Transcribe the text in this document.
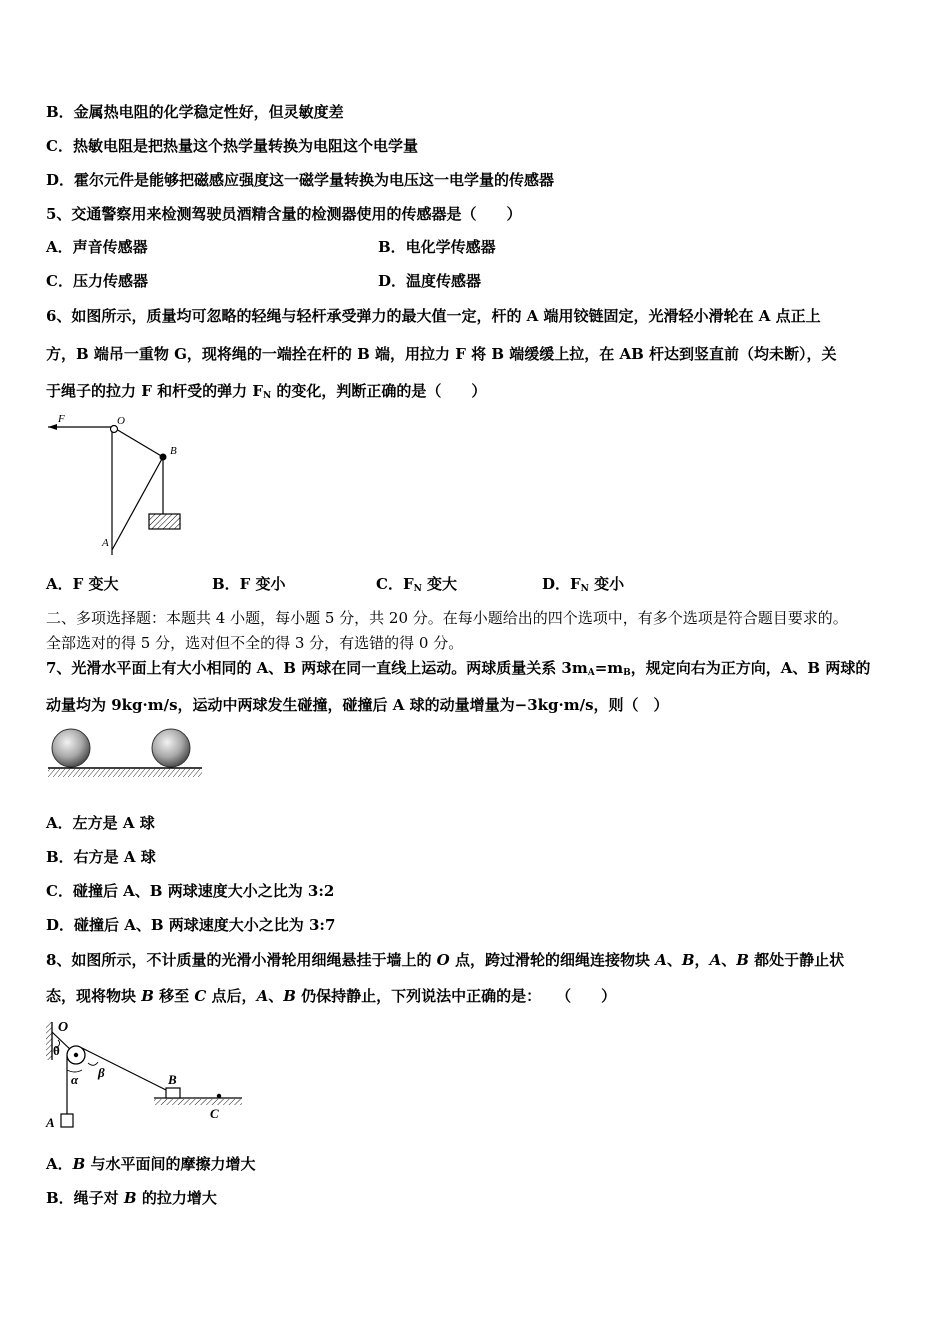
B．金属热电阻的化学稳定性好，但灵敏度差
C．热敏电阻是把热量这个热学量转换为电阻这个电学量
D．霍尔元件是能够把磁感应强度这一磁学量转换为电压这一电学量的传感器
5、交通警察用来检测驾驶员酒精含量的检测器使用的传感器是（　　）
A．声音传感器	B．电化学传感器
C．压力传感器	D．温度传感器
6、如图所示，质量均可忽略的轻绳与轻杆承受弹力的最大值一定，杆的 A 端用铰链固定，光滑轻小滑轮在 A 点正上
方，B 端吊一重物 G，现将绳的一端拴在杆的 B 端，用拉力 F 将 B 端缓缓上拉，在 AB 杆达到竖直前（均未断），关
于绳子的拉力 F 和杆受的弹力 $F_N$ 的变化，判断正确的是（　　）
F	O
B
A
A．F 变大	B．F 变小	C．$F_N$ 变大	D．$F_N$ 变小
二、多项选择题：本题共 4 小题，每小题 5 分，共 20 分。在每小题给出的四个选项中，有多个选项是符合题目要求的。
全部选对的得 5 分，选对但不全的得 3 分，有选错的得 0 分。
7、光滑水平面上有大小相同的 A、B 两球在同一直线上运动。两球质量关系 $3m_A=m_B$，规定向右为正方向，A、B 两球的
动量均为 9kg·m/s，运动中两球发生碰撞，碰撞后 A 球的动量增量为−3kg·m/s，则（　）
A．左方是 A 球
B．右方是 A 球
C．碰撞后 A、B 两球速度大小之比为 3:2
D．碰撞后 A、B 两球速度大小之比为 3:7
8、如图所示，不计质量的光滑小滑轮用细绳悬挂于墙上的 O 点，跨过滑轮的细绳连接物块 A、B，A、B 都处于静止状
态，现将物块 B 移至 C 点后，A、B 仍保持静止，下列说法中正确的是：　　（　　）
O
θ
α β	B
C
A
A．B 与水平面间的摩擦力增大
B．绳子对 B 的拉力增大
